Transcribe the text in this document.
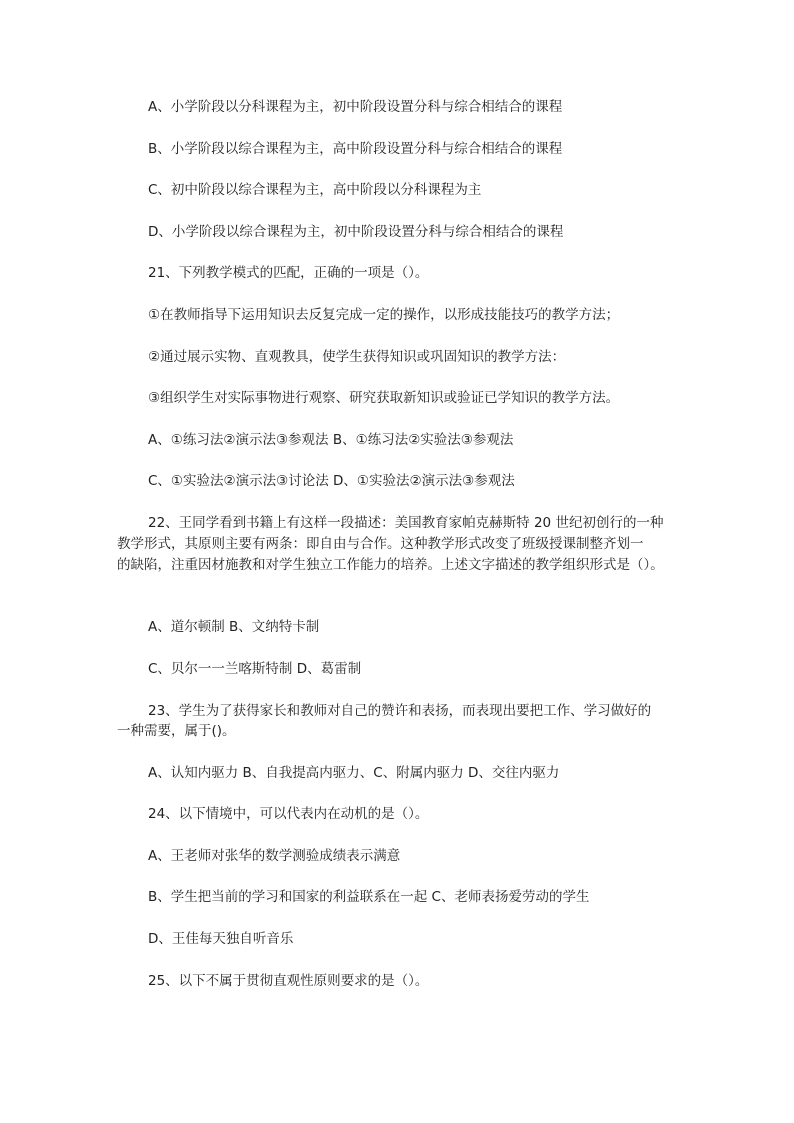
A、小学阶段以分科课程为主，初中阶段设置分科与综合相结合的课程
B、小学阶段以综合课程为主，高中阶段设置分科与综合相结合的课程
C、初中阶段以综合课程为主，高中阶段以分科课程为主
D、小学阶段以综合课程为主，初中阶段设置分科与综合相结合的课程
21、下列教学模式的匹配，正确的一项是（）。
①在教师指导下运用知识去反复完成一定的操作，以形成技能技巧的教学方法；
②通过展示实物、直观教具，使学生获得知识或巩固知识的教学方法：
③组织学生对实际事物进行观察、研究获取新知识或验证已学知识的教学方法。
A、①练习法②演示法③参观法 B、①练习法②实验法③参观法
C、①实验法②演示法③讨论法 D、①实验法②演示法③参观法
22、王同学看到书籍上有这样一段描述：美国教育家帕克赫斯特 20 世纪初创行的一种
教学形式，其原则主要有两条：即自由与合作。这种教学形式改变了班级授课制整齐划一
的缺陷，注重因材施教和对学生独立工作能力的培养。上述文字描述的教学组织形式是（）。
A、道尔顿制 B、文纳特卡制
C、贝尔一一兰喀斯特制 D、葛雷制
23、学生为了获得家长和教师对自己的赞许和表扬，而表现出要把工作、学习做好的
一种需要，属于()。
A、认知内驱力 B、自我提高内驱力、C、附属内驱力 D、交往内驱力
24、以下情境中，可以代表内在动机的是（）。
A、王老师对张华的数学测验成绩表示满意
B、学生把当前的学习和国家的利益联系在一起 C、老师表扬爱劳动的学生
D、王佳每天独自听音乐
25、以下不属于贯彻直观性原则要求的是（）。
